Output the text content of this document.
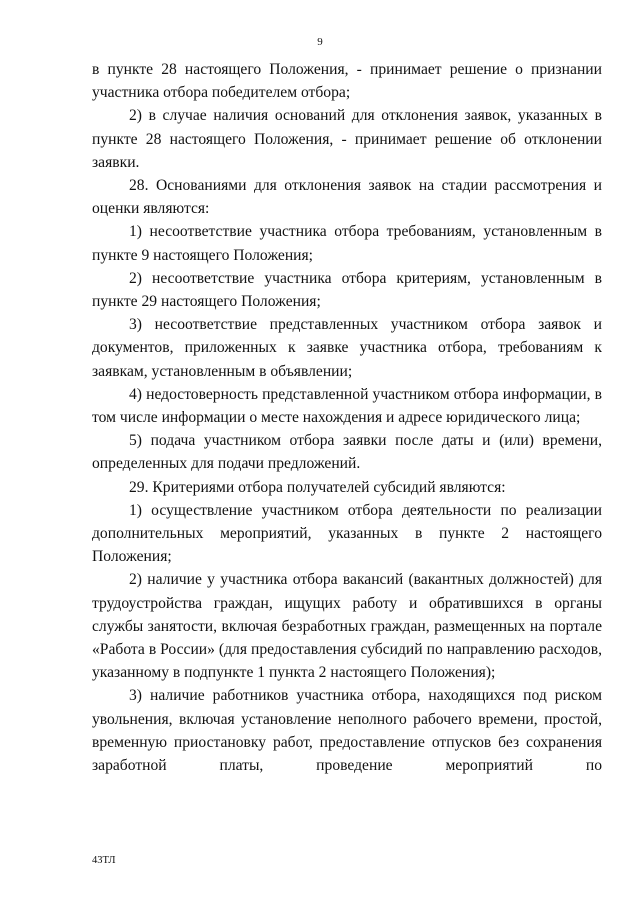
9

в пункте 28 настоящего Положения, - принимает решение о признании участника отбора победителем отбора;

2) в случае наличия оснований для отклонения заявок, указанных в пункте 28 настоящего Положения, - принимает решение об отклонении заявки.

28. Основаниями для отклонения заявок на стадии рассмотрения и оценки являются:

1) несоответствие участника отбора требованиям, установленным в пункте 9 настоящего Положения;

2) несоответствие участника отбора критериям, установленным в пункте 29 настоящего Положения;

3) несоответствие представленных участником отбора заявок и документов, приложенных к заявке участника отбора, требованиям к заявкам, установленным в объявлении;

4) недостоверность представленной участником отбора информации, в том числе информации о месте нахождения и адресе юридического лица;

5) подача участником отбора заявки после даты и (или) времени, определенных для подачи предложений.

29. Критериями отбора получателей субсидий являются:

1) осуществление участником отбора деятельности по реализации дополнительных мероприятий, указанных в пункте 2 настоящего Положения;

2) наличие у участника отбора вакансий (вакантных должностей) для трудоустройства граждан, ищущих работу и обратившихся в органы службы занятости, включая безработных граждан, размещенных на портале «Работа в России» (для предоставления субсидий по направлению расходов, указанному в подпункте 1 пункта 2 настоящего Положения);

3) наличие работников участника отбора, находящихся под риском увольнения, включая установление неполного рабочего времени, простой, временную приостановку работ, предоставление отпусков без сохранения заработной платы, проведение мероприятий по

43ТЛ
